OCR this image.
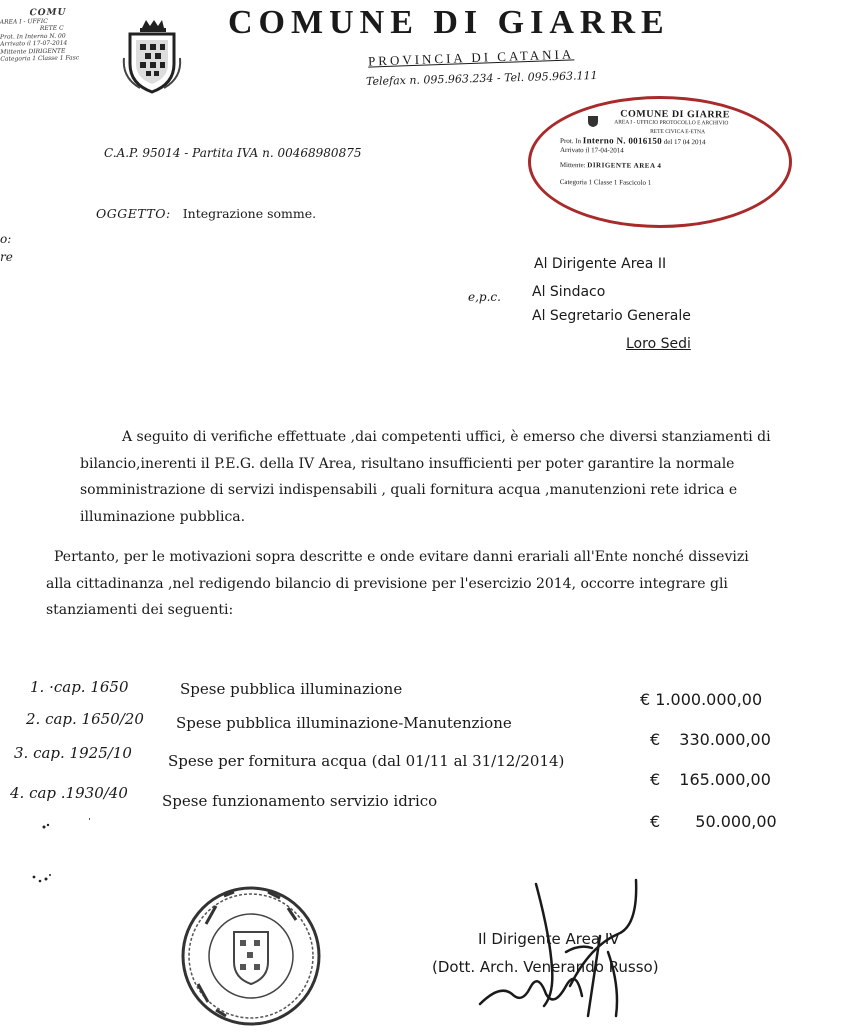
COMUNE DI GIARRE
PROVINCIA DI CATANIA
Telefax n. 095.963.234 - Tel. 095.963.111
COMU
AREA I - UFFIC
RETE C
Prot. In Interno N. 00
Arrivato il 17-07-2014
Mittente DIRIGENTE
Categoria 1 Classe 1 Fasc
C.A.P. 95014 - Partita IVA n. 00468980875
OGGETTO: Integrazione somme.
o:
re
COMUNE DI GIARRE
AREA I - UFFICIO PROTOCOLLO E ARCHIVIO
RETE CIVICA E-ETNA
Prot. In Interno N. 0016150 del 17 04 2014
Arrivato il 17-04-2014
Mittente: DIRIGENTE AREA 4
Categoria 1 Classe 1 Fascicolo 1
Al Dirigente Area II
e,p.c. Al Sindaco
Al Segretario Generale
Loro Sedi
A seguito di verifiche effettuate ,dai competenti uffici, è emerso che diversi stanziamenti di
bilancio,inerenti il P.E.G. della IV Area, risultano insufficienti per poter garantire la normale
somministrazione di servizi indispensabili , quali fornitura acqua ,manutenzioni rete idrica e
illuminazione pubblica.
Pertanto, per le motivazioni sopra descritte e onde evitare danni erariali all'Ente nonché dissevizi
alla cittadinanza ,nel redigendo bilancio di previsione per l'esercizio 2014, occorre integrare gli
stanziamenti dei seguenti:
1. ·cap. 1650	Spese pubblica illuminazione
€ 1.000.000,00
2. cap. 1650/20 Spese pubblica illuminazione-Manutenzione
€ 330.000,00
3. cap. 1925/10 Spese per fornitura acqua (dal 01/11 al 31/12/2014)
€ 165.000,00
4. cap .1930/40 Spese funzionamento servizio idrico
€ 50.000,00
Il Dirigente Area IV
(Dott. Arch. Venerando Russo)
